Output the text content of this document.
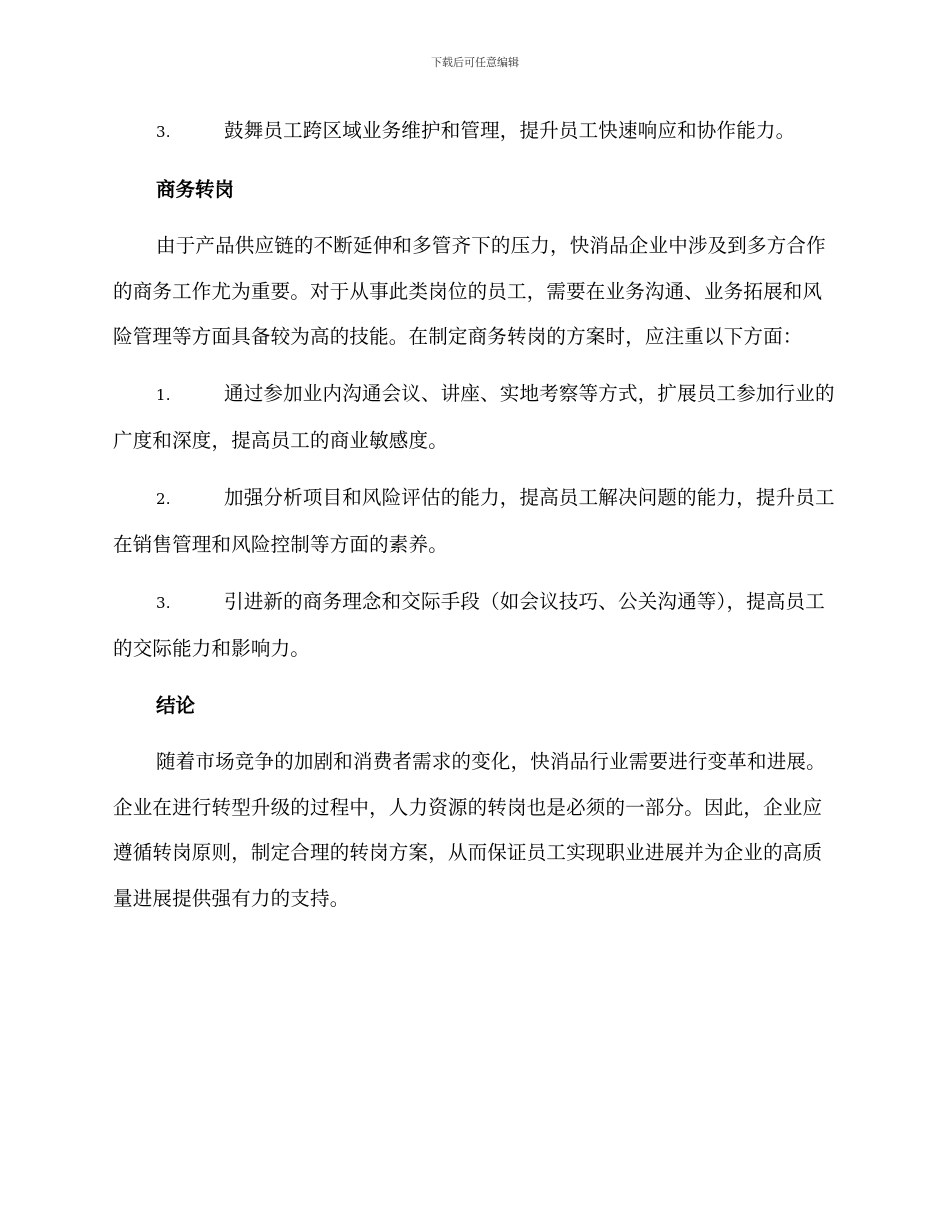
下载后可任意编辑
3.	鼓舞员工跨区域业务维护和管理，提升员工快速响应和协作能力。
商务转岗
由于产品供应链的不断延伸和多管齐下的压力，快消品企业中涉及到多方合作的商务工作尤为重要。对于从事此类岗位的员工，需要在业务沟通、业务拓展和风险管理等方面具备较为高的技能。在制定商务转岗的方案时，应注重以下方面：
1.	通过参加业内沟通会议、讲座、实地考察等方式，扩展员工参加行业的广度和深度，提高员工的商业敏感度。
2.	加强分析项目和风险评估的能力，提高员工解决问题的能力，提升员工在销售管理和风险控制等方面的素养。
3.	引进新的商务理念和交际手段（如会议技巧、公关沟通等），提高员工的交际能力和影响力。
结论
随着市场竞争的加剧和消费者需求的变化，快消品行业需要进行变革和进展。企业在进行转型升级的过程中，人力资源的转岗也是必须的一部分。因此，企业应遵循转岗原则，制定合理的转岗方案，从而保证员工实现职业进展并为企业的高质量进展提供强有力的支持。
